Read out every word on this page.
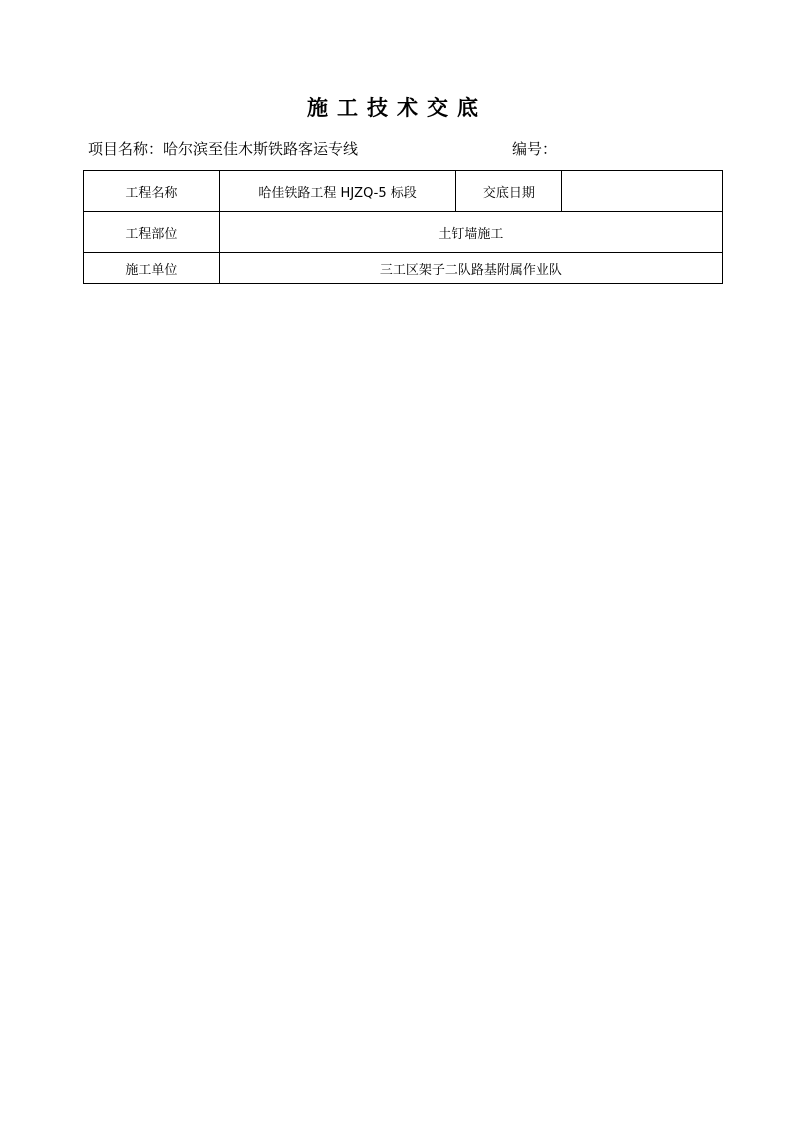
施工技术交底
项目名称：哈尔滨至佳木斯铁路客运专线	编号：
工程名称	哈佳铁路工程 HJZQ-5 标段	交底日期	
工程部位	土钉墙施工		
施工单位	三工区架子二队路基附属作业队		
